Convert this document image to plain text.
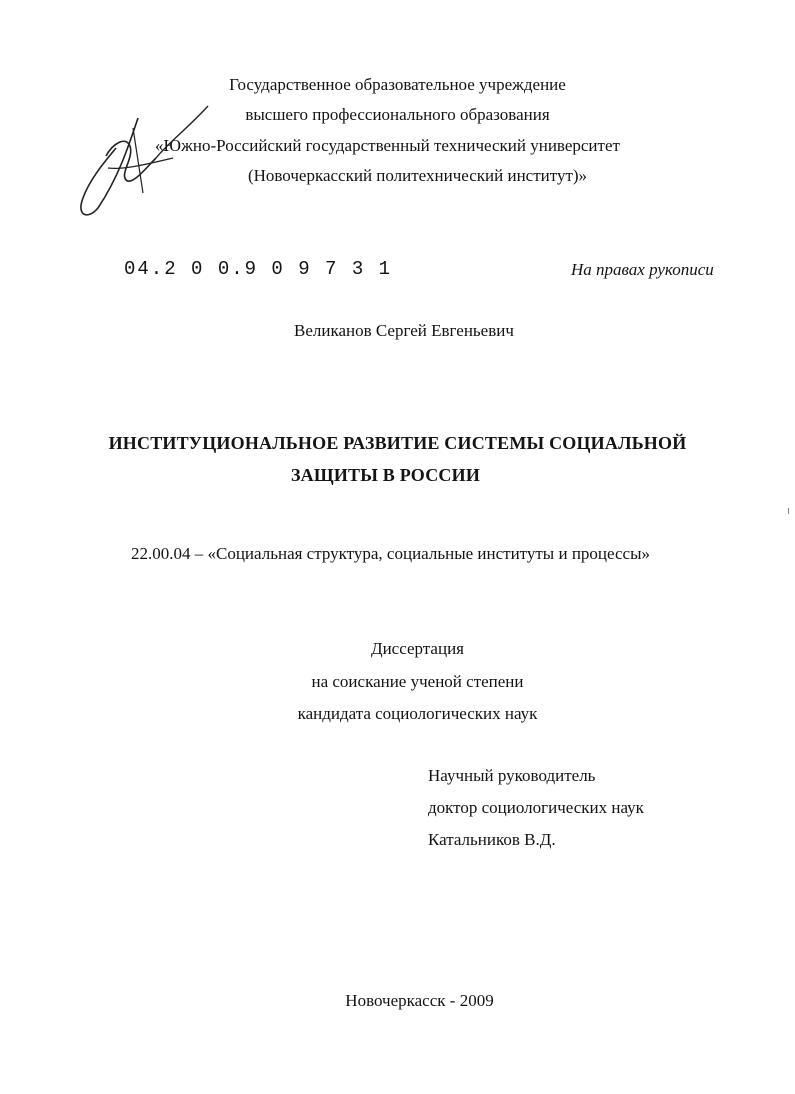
Государственное образовательное учреждение
высшего профессионального образования
«Южно-Российский государственный технический университет
(Новочеркасский политехнический институт)»
04.2 0 0.9 0 9 7 3 1	На правах рукописи
Великанов Сергей Евгеньевич
ИНСТИТУЦИОНАЛЬНОЕ РАЗВИТИЕ СИСТЕМЫ СОЦИАЛЬНОЙ
ЗАЩИТЫ В РОССИИ
22.00.04 – «Социальная структура, социальные институты и процессы»
Диссертация
на соискание ученой степени
кандидата социологических наук
Научный руководитель
доктор социологических наук
Катальников В.Д.
Новочеркасск - 2009
